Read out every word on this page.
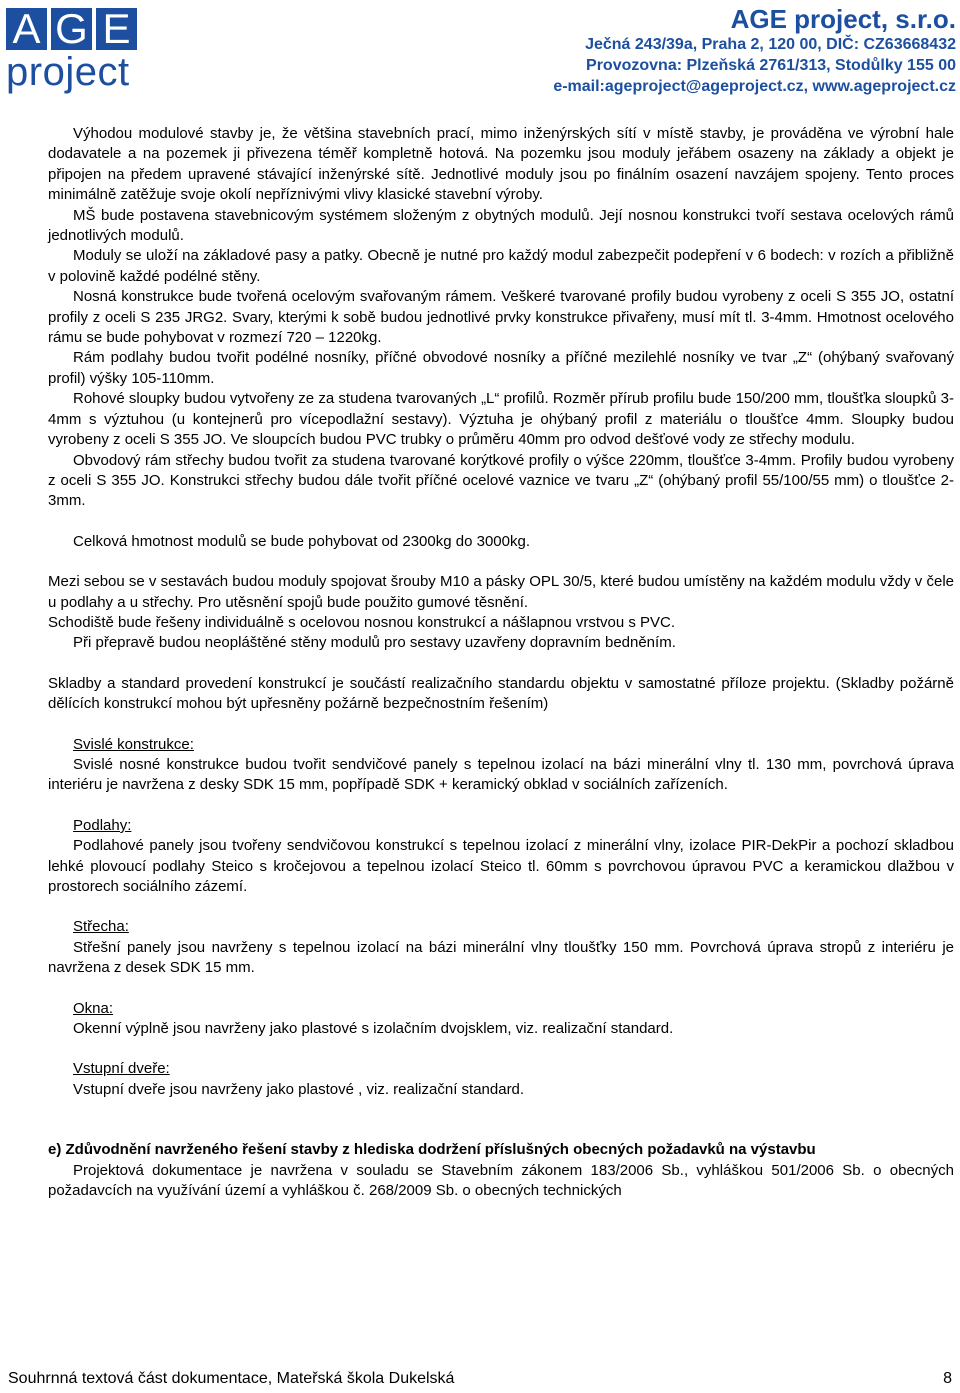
A G E
project
AGE project, s.r.o.
Ječná 243/39a, Praha 2, 120 00, DIČ: CZ63668432
Provozovna: Plzeňská 2761/313, Stodůlky 155 00
e-mail:ageproject@ageproject.cz, www.ageproject.cz

Výhodou modulové stavby je, že většina stavebních prací, mimo inženýrských sítí v místě stavby, je prováděna ve výrobní hale dodavatele a na pozemek ji přivezena téměř kompletně hotová. Na pozemku jsou moduly jeřábem osazeny na základy a objekt je připojen na předem upravené stávající inženýrské sítě. Jednotlivé moduly jsou po finálním osazení navzájem spojeny. Tento proces minimálně zatěžuje svoje okolí nepříznivými vlivy klasické stavební výroby.

MŠ bude postavena stavebnicovým systémem složeným z obytných modulů. Její nosnou konstrukci tvoří sestava ocelových rámů jednotlivých modulů.

Moduly se uloží na základové pasy a patky. Obecně je nutné pro každý modul zabezpečit podepření v 6 bodech: v rozích a přibližně v polovině každé podélné stěny.

Nosná konstrukce bude tvořená ocelovým svařovaným rámem. Veškeré tvarované profily budou vyrobeny z oceli S 355 JO, ostatní profily z oceli S 235 JRG2. Svary, kterými k sobě budou jednotlivé prvky konstrukce přivařeny, musí mít tl. 3-4mm. Hmotnost ocelového rámu se bude pohybovat v rozmezí 720 – 1220kg.

Rám podlahy budou tvořit podélné nosníky, příčné obvodové nosníky a příčné mezilehlé nosníky ve tvar „Z“ (ohýbaný svařovaný profil) výšky 105-110mm.

Rohové sloupky budou vytvořeny ze za studena tvarovaných „L“ profilů. Rozměr přírub profilu bude 150/200 mm, tloušťka sloupků 3-4mm s výztuhou (u kontejnerů pro vícepodlažní sestavy). Výztuha je ohýbaný profil z materiálu o tloušťce 4mm. Sloupky budou vyrobeny z oceli S 355 JO. Ve sloupcích budou PVC trubky o průměru 40mm pro odvod dešťové vody ze střechy modulu.

Obvodový rám střechy budou tvořit za studena tvarované korýtkové profily o výšce 220mm, tloušťce 3-4mm. Profily budou vyrobeny z oceli S 355 JO. Konstrukci střechy budou dále tvořit příčné ocelové vaznice ve tvaru „Z“ (ohýbaný profil 55/100/55 mm) o tloušťce 2-3mm.

Celková hmotnost modulů se bude pohybovat od 2300kg do 3000kg.

Mezi sebou se v sestavách budou moduly spojovat šrouby M10 a pásky OPL 30/5, které budou umístěny na každém modulu vždy v čele u podlahy a u střechy. Pro utěsnění spojů bude použito gumové těsnění.

Schodiště bude řešeny individuálně s ocelovou nosnou konstrukcí a nášlapnou vrstvou s PVC.

Při přepravě budou neopláštěné stěny modulů pro sestavy uzavřeny dopravním bedněním.

Skladby a standard provedení konstrukcí je součástí realizačního standardu objektu v samostatné příloze projektu. (Skladby požárně dělících konstrukcí mohou být upřesněny požárně bezpečnostním řešením)

Svislé konstrukce:

Svislé nosné konstrukce budou tvořit sendvičové panely s tepelnou izolací na bázi minerální vlny tl. 130 mm, povrchová úprava interiéru je navržena z desky SDK 15 mm, popřípadě SDK + keramický obklad v sociálních zařízeních.

Podlahy:

Podlahové panely jsou tvořeny sendvičovou konstrukcí s tepelnou izolací z minerální vlny, izolace PIR-DekPir a pochozí skladbou lehké plovoucí podlahy Steico s kročejovou a tepelnou izolací Steico tl. 60mm s povrchovou úpravou PVC a keramickou dlažbou v prostorech sociálního zázemí.

Střecha:

Střešní panely jsou navrženy s tepelnou izolací na bázi minerální vlny tloušťky 150 mm. Povrchová úprava stropů z interiéru je navržena z desek SDK 15 mm.

Okna:

Okenní výplně jsou navrženy jako plastové s izolačním dvojsklem, viz. realizační standard.

Vstupní dveře:

Vstupní dveře jsou navrženy jako plastové , viz. realizační standard.

e) Zdůvodnění navrženého řešení stavby z hlediska dodržení příslušných obecných požadavků na výstavbu

Projektová dokumentace je navržena v souladu se Stavebním zákonem 183/2006 Sb., vyhláškou 501/2006 Sb. o obecných požadavcích na využívání území a vyhláškou č. 268/2009 Sb. o obecných technických

Souhrnná textová část dokumentace, Mateřská škola Dukelská	8
